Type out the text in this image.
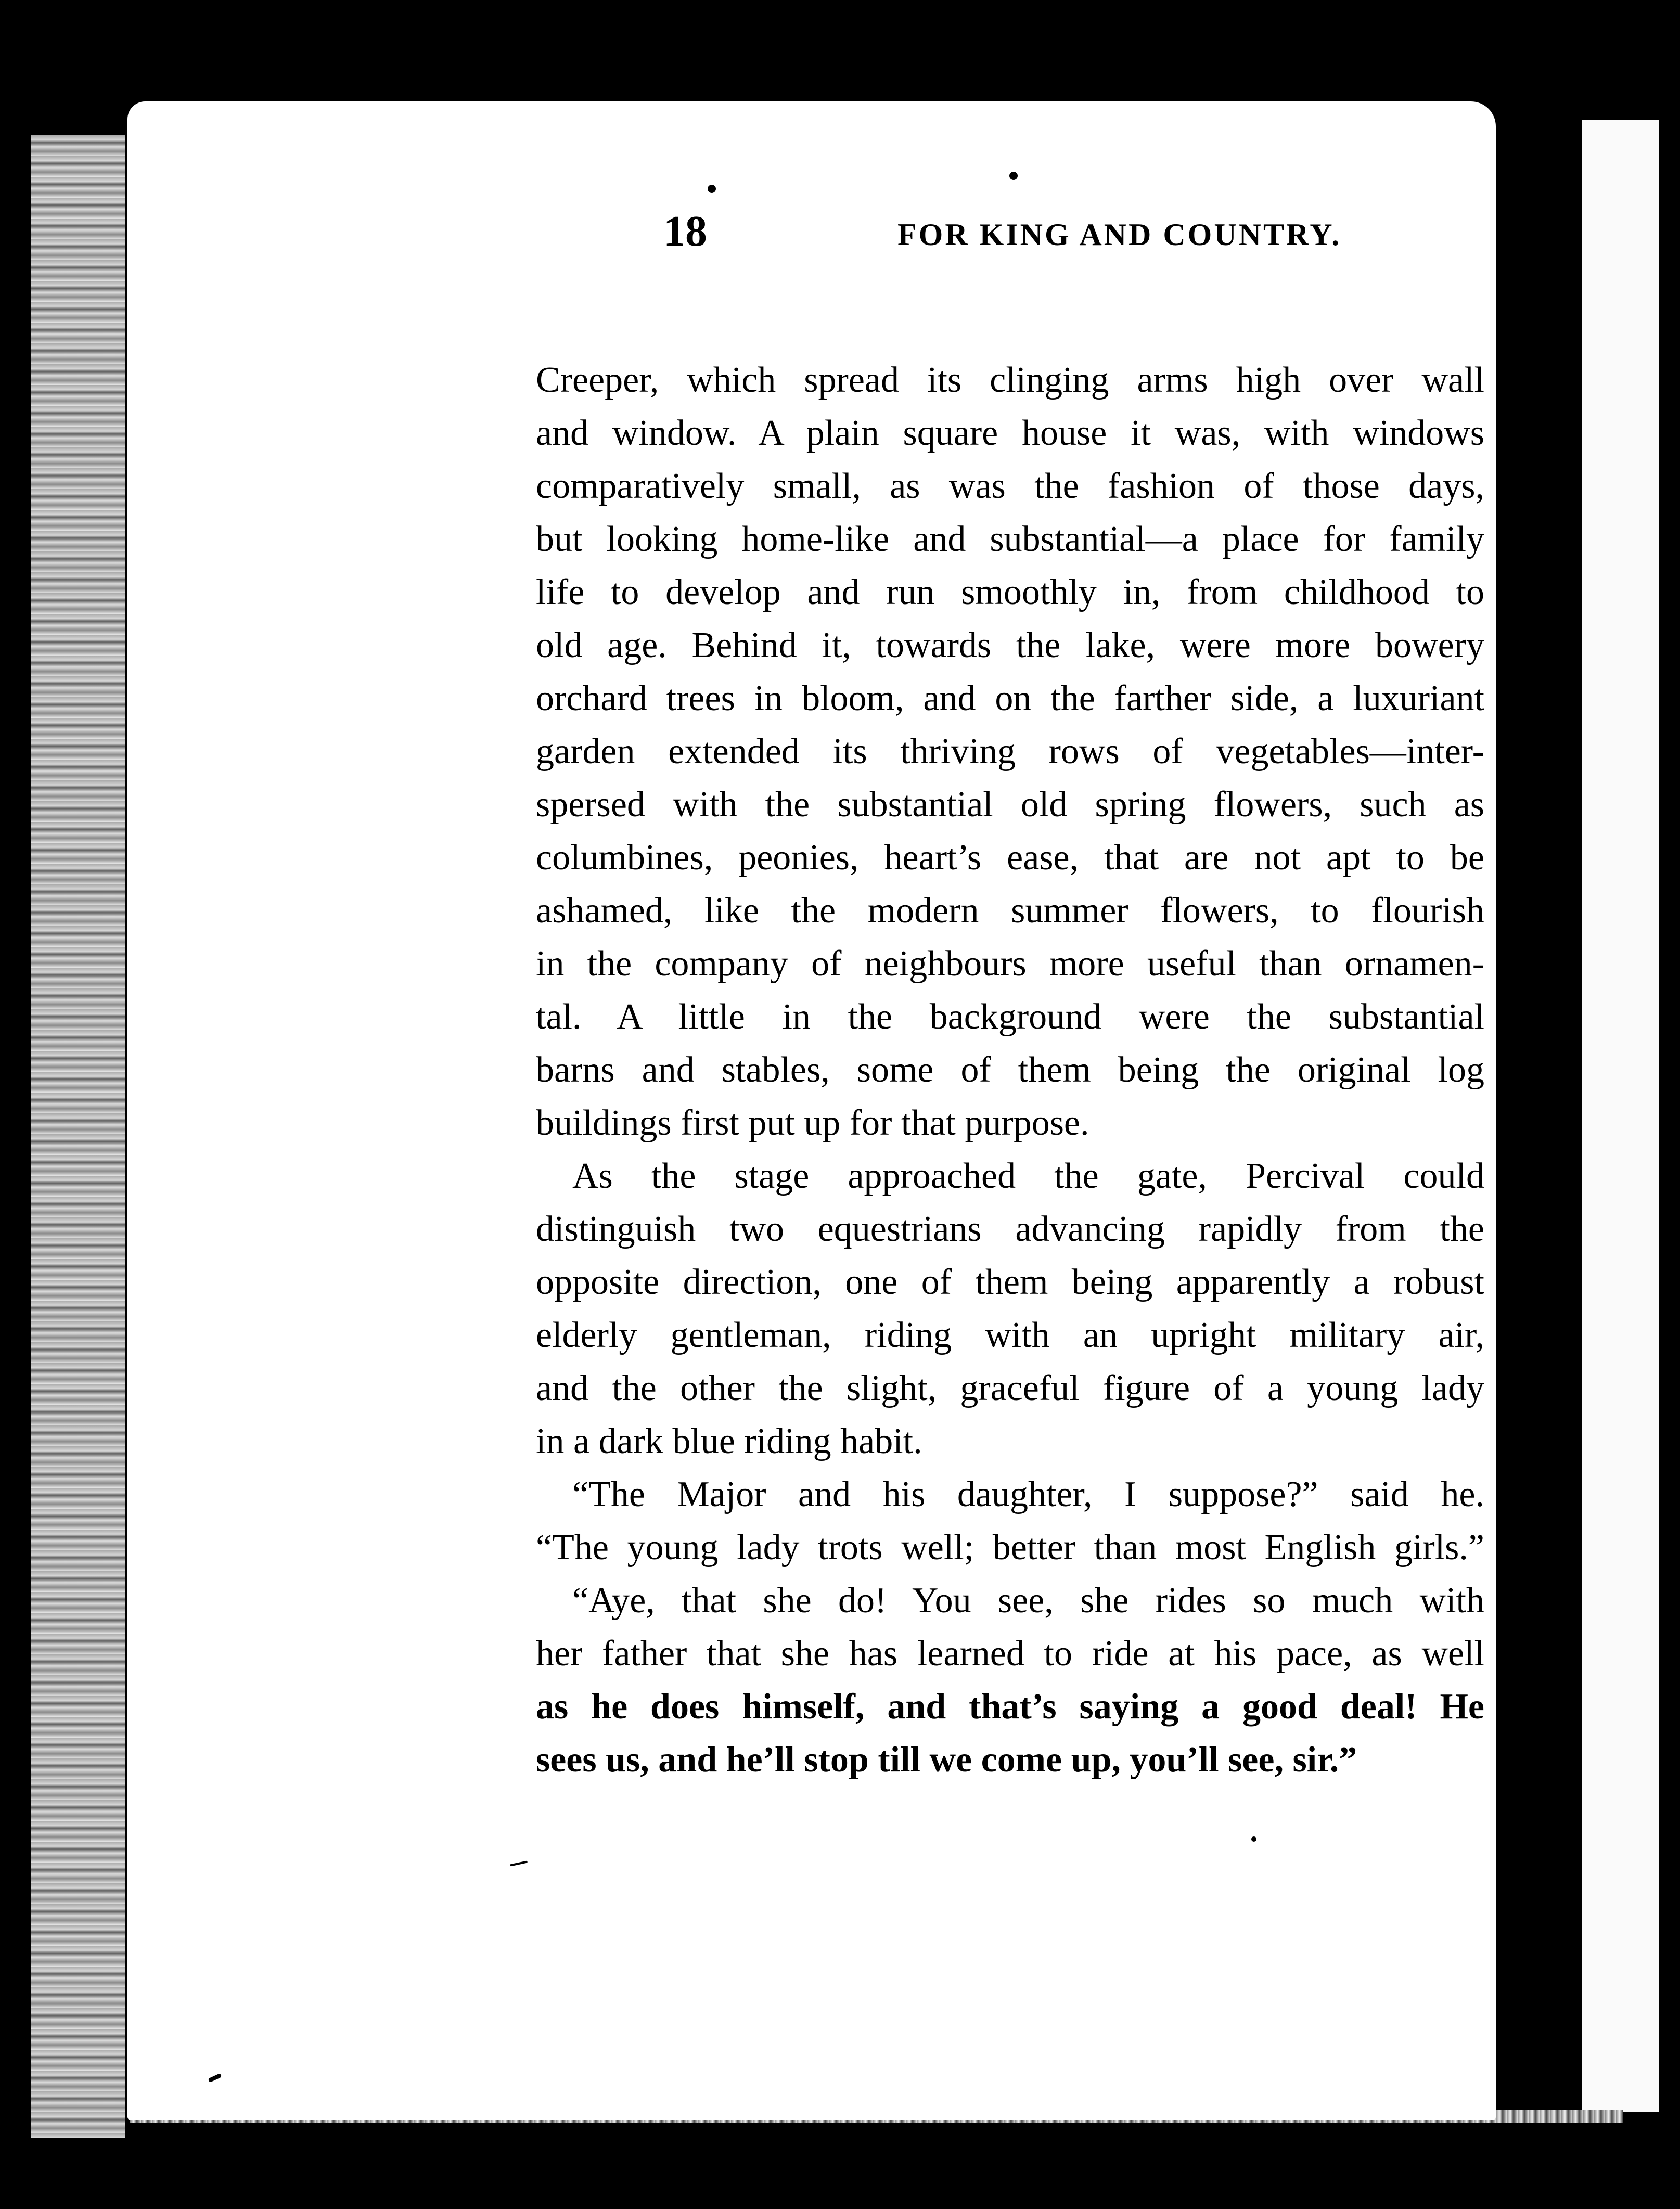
18	FOR KING AND COUNTRY.
Creeper, which spread its clinging arms high over wall
and window. A plain square house it was, with windows
comparatively small, as was the fashion of those days,
but looking home-like and substantial—a place for family
life to develop and run smoothly in, from childhood to
old age. Behind it, towards the lake, were more bowery
orchard trees in bloom, and on the farther side, a luxuriant
garden extended its thriving rows of vegetables—inter-
spersed with the substantial old spring flowers, such as
columbines, peonies, heart’s ease, that are not apt to be
ashamed, like the modern summer flowers, to flourish
in the company of neighbours more useful than ornamen-
tal. A little in the background were the substantial
barns and stables, some of them being the original log
buildings first put up for that purpose.
As the stage approached the gate, Percival could
distinguish two equestrians advancing rapidly from the
opposite direction, one of them being apparently a robust
elderly gentleman, riding with an upright military air,
and the other the slight, graceful figure of a young lady
in a dark blue riding habit.
“The Major and his daughter, I suppose?” said he.
“The young lady trots well; better than most English girls.”
“Aye, that she do! You see, she rides so much with
her father that she has learned to ride at his pace, as well
as he does himself, and that’s saying a good deal! He
sees us, and he’ll stop till we come up, you’ll see, sir.”
